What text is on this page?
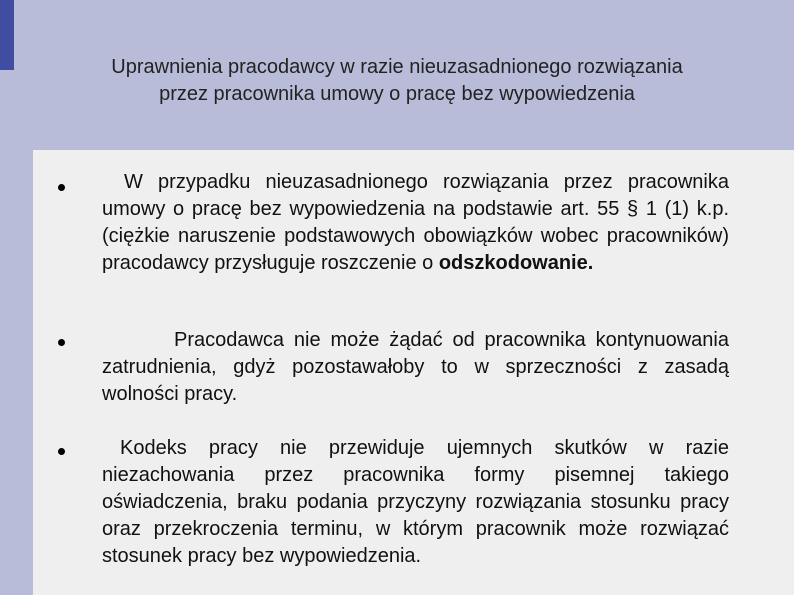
Uprawnienia pracodawcy w razie nieuzasadnionego rozwiązania przez pracownika umowy o pracę bez wypowiedzenia
W przypadku nieuzasadnionego rozwiązania przez pracownika umowy o pracę bez wypowiedzenia na podstawie art. 55 § 1 (1) k.p. (ciężkie naruszenie podstawowych obowiązków wobec pracowników) pracodawcy przysługuje roszczenie o odszkodowanie.
Pracodawca nie może żądać od pracownika kontynuowania zatrudnienia, gdyż pozostawałoby to w sprzeczności z zasadą wolności pracy.
Kodeks pracy nie przewiduje ujemnych skutków w razie niezachowania przez pracownika formy pisemnej takiego oświadczenia, braku podania przyczyny rozwiązania stosunku pracy oraz przekroczenia terminu, w którym pracownik może rozwiązać stosunek pracy bez wypowiedzenia.
